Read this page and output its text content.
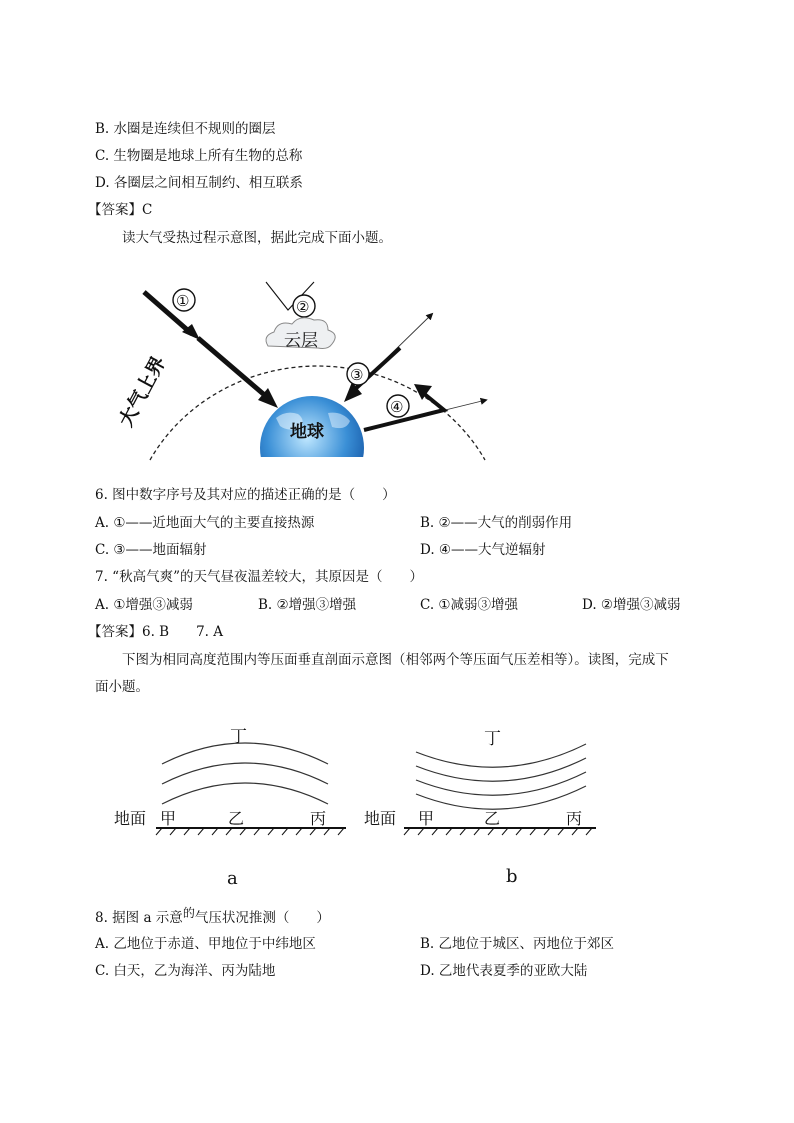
B. 水圈是连续但不规则的圈层
C. 生物圈是地球上所有生物的总称
D. 各圈层之间相互制约、相互联系
【答案】C
读大气受热过程示意图，据此完成下面小题。
地球
①	②
云层
③
④
大气上界
6. 图中数字序号及其对应的描述正确的是（　　）
A. ①——近地面大气的主要直接热源	B. ②——大气的削弱作用
C. ③——地面辐射	D. ④——大气逆辐射
7. “秋高气爽”的天气昼夜温差较大，其原因是（　　）
A. ①增强③减弱	B. ②增强③增强	C. ①减弱③增强	D. ②增强③减弱
【答案】6. B　　7. A
下图为相同高度范围内等压面垂直剖面示意图（相邻两个等压面气压差相等）。读图，完成下
面小题。
丁
地面 甲	乙	丙
a
丁
地面 甲	乙	丙
b
8. 据图 a 示意的气压状况推测（　　）
A. 乙地位于赤道、甲地位于中纬地区	B. 乙地位于城区、丙地位于郊区
C. 白天，乙为海洋、丙为陆地	D. 乙地代表夏季的亚欧大陆
